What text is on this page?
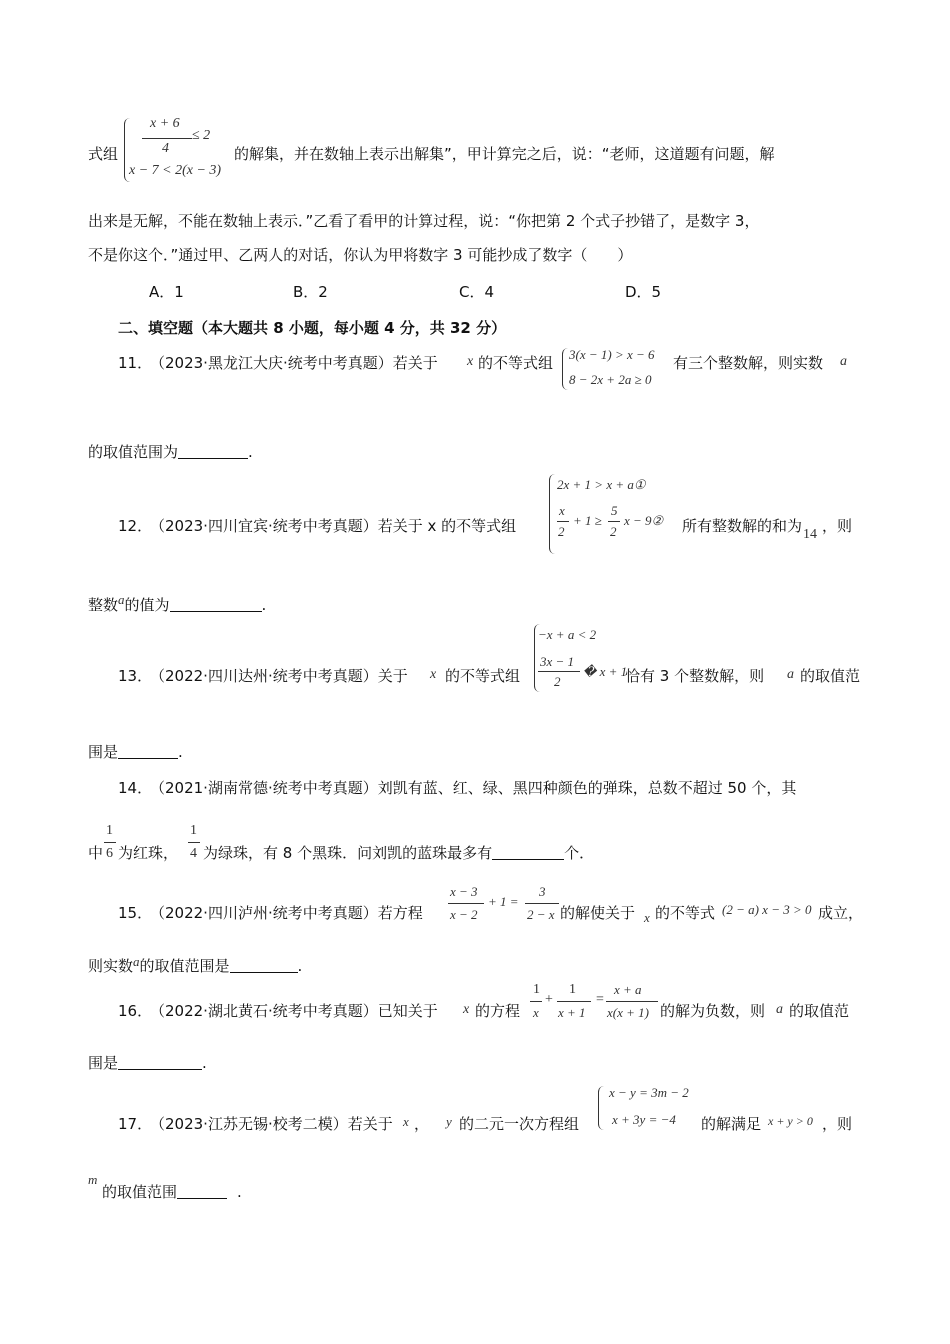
式组
x + 6
4
≤ 2
x − 7 < 2(x − 3)
的解集，并在数轴上表示出解集”，甲计算完之后，说：“老师，这道题有问题，解
出来是无解，不能在数轴上表示．”乙看了看甲的计算过程，说：“你把第 2 个式子抄错了，是数字 3，
不是你这个．”通过甲、乙两人的对话，你认为甲将数字 3 可能抄成了数字（　　）
A．1	B．2	C．4	D．5
二、填空题（本大题共 8 小题，每小题 4 分，共 32 分）
11．
（2023·黑龙江大庆·统考中考真题）若关于 x 的不等式组 3(x − 1) > x − 6
8 − 2x + 2a ≥ 0
有三个整数解，则实数 a
的取值范围为	.
12．
（2023·四川宜宾·统考中考真题）若关于 x 的不等式组
2x + 1 > x + a①
x
2
+ 1 ≥
5
2
x − 9② 所有整数解的和为 14 ，则
整数a的值为	.
13．
（2022·四川达州·统考中考真题）关于 x 的不等式组
−x + a < 2
3x − 1
2
� x + 1
恰有 3 个整数解，则 a 的取值范
围是	.
14．
（2021·湖南常德·统考中考真题）刘凯有蓝、红、绿、黑四种颜色的弹珠，总数不超过 50 个，其
中
1
6 为红珠，
1
4 为绿珠，有 8 个黑珠．问刘凯的蓝珠最多有	个．
15．
（2022·四川泸州·统考中考真题）若方程
x − 3
x − 2
+ 1 =
3
2 − x 的解使关于 x 的不等式 (2 − a) x − 3 > 0 成立，
则实数a的取值范围是	.
16．
（2022·湖北黄石·统考中考真题）已知关于 x 的方程
1
x
+
1
x + 1
=
x + a
x(x + 1) 的解为负数，则 a 的取值范
围是	.
17．
（2023·江苏无锡·校考二模）若关于 x ， y 的二元一次方程组
x − y = 3m − 2
x + 3y = −4 的解满足 x + y > 0 ，则
m
的取值范围	.
